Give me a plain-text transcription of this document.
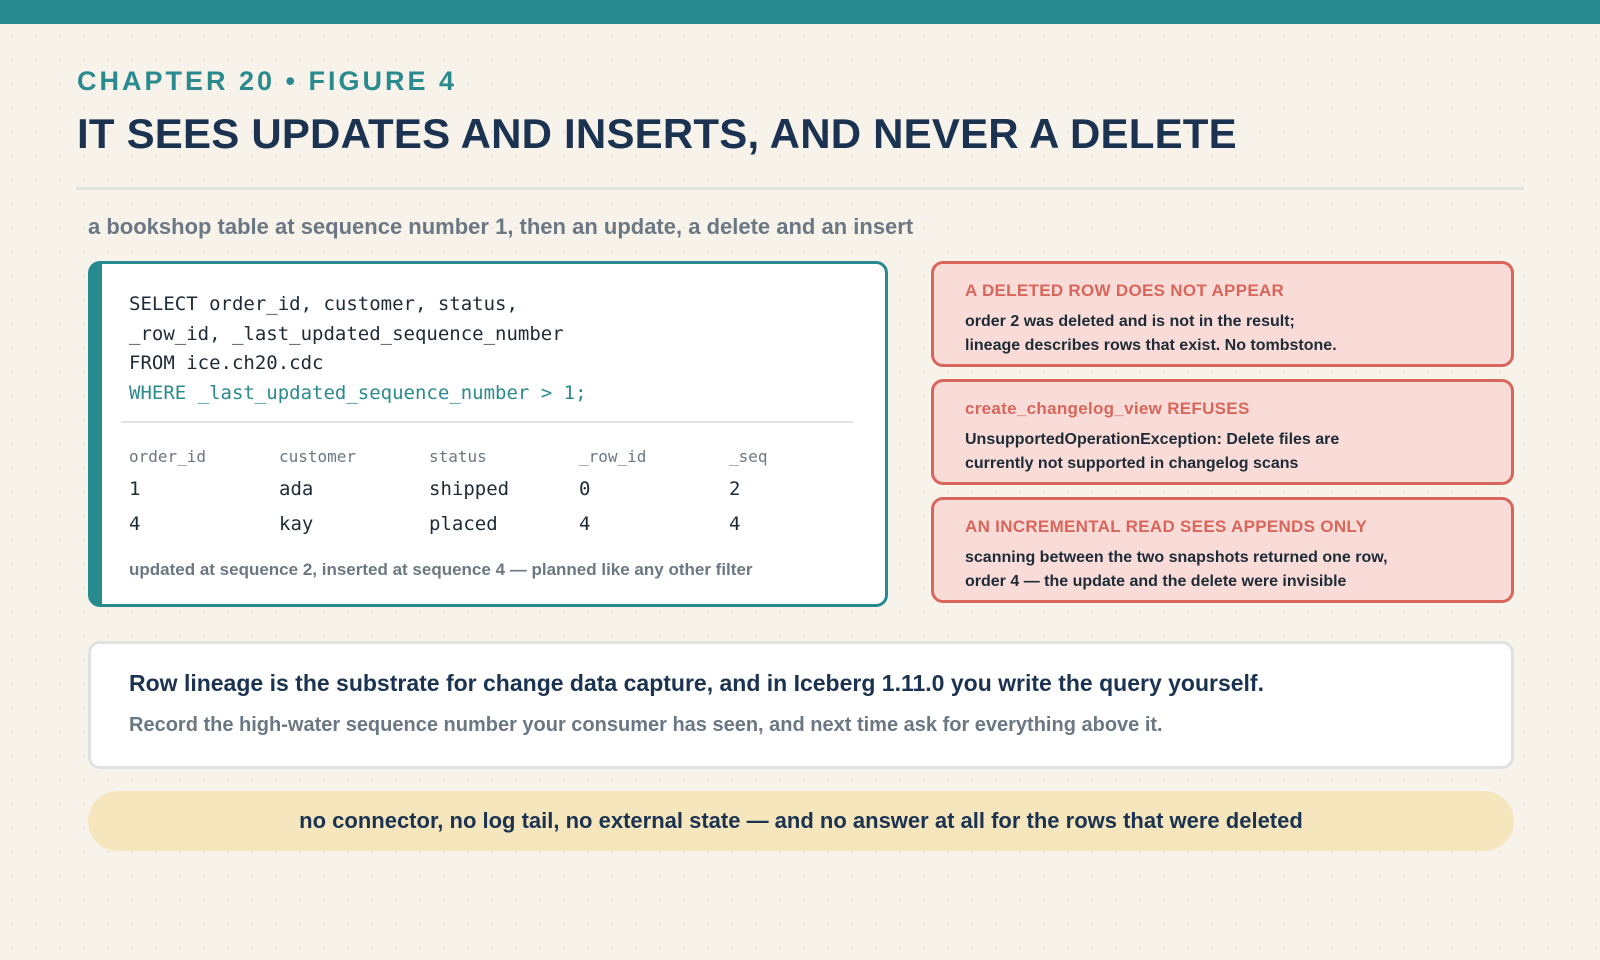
CHAPTER 20 • FIGURE 4
IT SEES UPDATES AND INSERTS, AND NEVER A DELETE
a bookshop table at sequence number 1, then an update, a delete and an insert
SELECT order_id, customer, status,
_row_id, _last_updated_sequence_number
FROM ice.ch20.cdc
WHERE _last_updated_sequence_number > 1;
order_id	customer	status	_row_id	_seq
1	ada	shipped	0	2
4	kay	placed	4	4
updated at sequence 2, inserted at sequence 4 — planned like any other filter
A DELETED ROW DOES NOT APPEAR
order 2 was deleted and is not in the result;
lineage describes rows that exist. No tombstone.
create_changelog_view REFUSES
UnsupportedOperationException: Delete files are
currently not supported in changelog scans
AN INCREMENTAL READ SEES APPENDS ONLY
scanning between the two snapshots returned one row,
order 4 — the update and the delete were invisible
Row lineage is the substrate for change data capture, and in Iceberg 1.11.0 you write the query yourself.
Record the high-water sequence number your consumer has seen, and next time ask for everything above it.
no connector, no log tail, no external state — and no answer at all for the rows that were deleted
